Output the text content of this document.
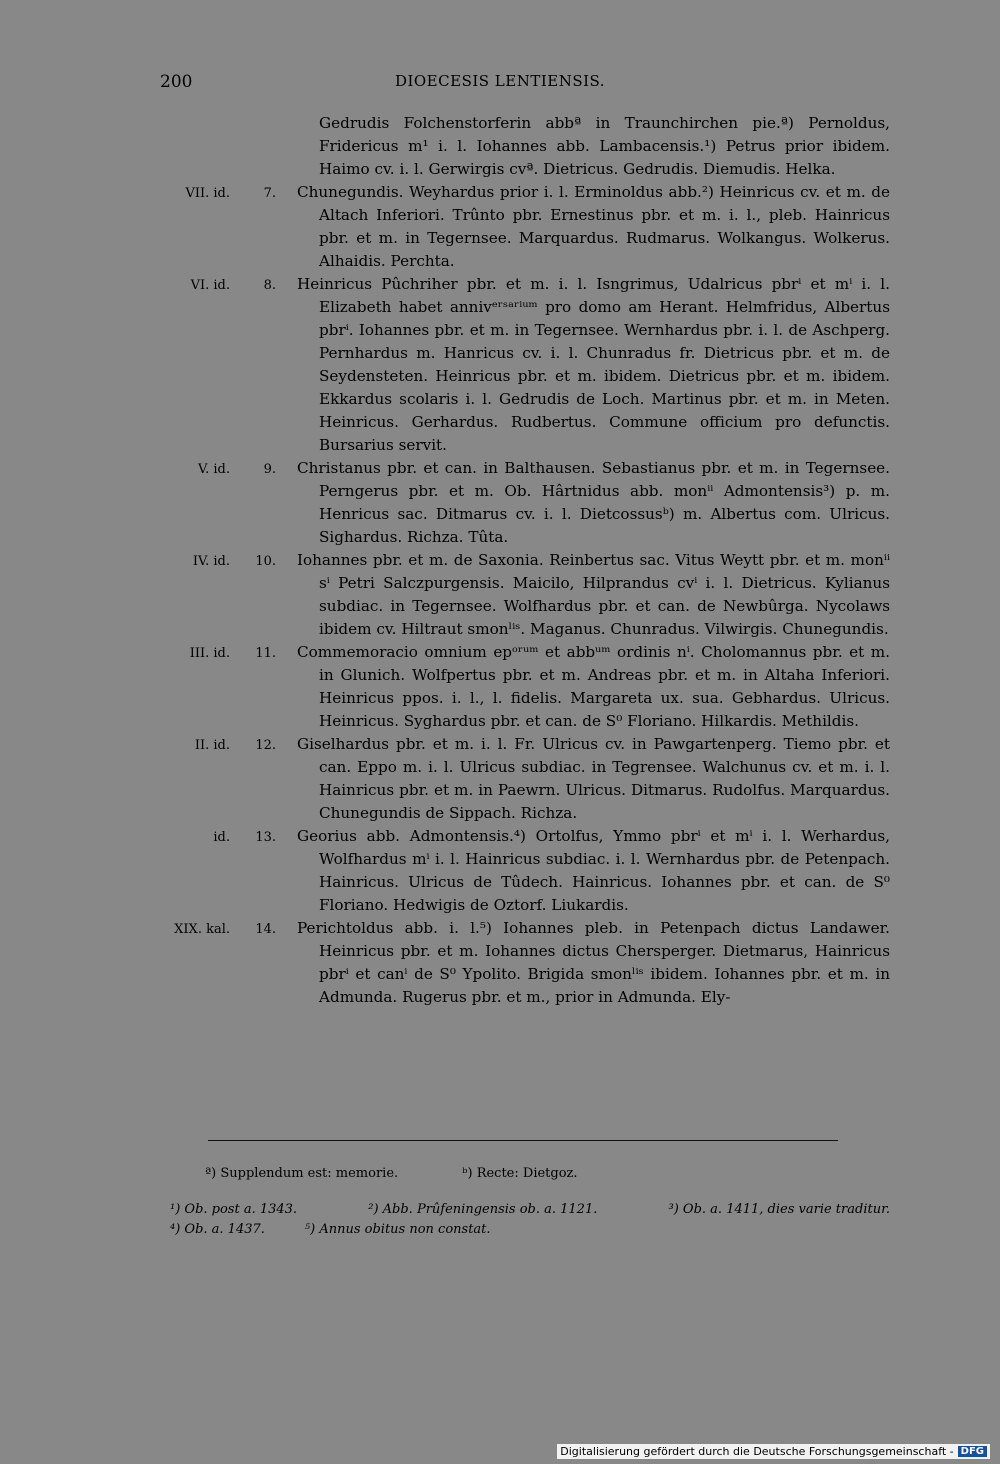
200	DIOECESIS LENTIENSIS.

Gedrudis Folchenstorferin abbª in Traunchirchen pie.ª) Pernoldus, Fridericus m¹ i. l. Iohannes abb. Lambacensis.¹) Petrus prior ibidem. Haimo cv. i. l. Gerwirgis cvª. Dietricus. Gedrudis. Diemudis. Helka.

VII. id.	7. Chunegundis. Weyhardus prior i. l. Erminoldus abb.²) Heinricus cv. et m. de Altach Inferiori. Trûnto pbr. Ernestinus pbr. et m. i. l., pleb. Hainricus pbr. et m. in Tegernsee. Marquardus. Rudmarus. Wolkangus. Wolkerus. Alhaidis. Perchta.

VI. id.	8. Heinricus Pûchriher pbr. et m. i. l. Isngrimus, Udalricus pbrⁱ et mⁱ i. l. Elizabeth habet annivᵉʳˢᵃʳⁱᵘᵐ pro domo am Herant. Helmfridus, Albertus pbrⁱ. Iohannes pbr. et m. in Tegernsee. Wernhardus pbr. i. l. de Aschperg. Pernhardus m. Hanricus cv. i. l. Chunradus fr. Dietricus pbr. et m. de Seydensteten. Heinricus pbr. et m. ibidem. Dietricus pbr. et m. ibidem. Ekkardus scolaris i. l. Gedrudis de Loch. Martinus pbr. et m. in Meten. Heinricus. Gerhardus. Rudbertus. Commune officium pro defunctis. Bursarius servit.

V. id.	9. Christanus pbr. et can. in Balthausen. Sebastianus pbr. et m. in Tegernsee. Perngerus pbr. et m. Ob. Hârtnidus abb. monⁱⁱ Admontensis³) p. m. Henricus sac. Ditmarus cv. i. l. Dietcossusᵇ) m. Albertus com. Ulricus. Sighardus. Richza. Tûta.

IV. id.	10. Iohannes pbr. et m. de Saxonia. Reinbertus sac. Vitus Weytt pbr. et m. monⁱⁱ sⁱ Petri Salczpurgensis. Maicilo, Hilprandus cvⁱ i. l. Dietricus. Kylianus subdiac. in Tegernsee. Wolfhardus pbr. et can. de Newbûrga. Nycolaws ibidem cv. Hiltraut smonˡⁱˢ. Maganus. Chunradus. Vilwirgis. Chunegundis.

III. id.	11. Commemoracio omnium epᵒʳᵘᵐ et abbᵘᵐ ordinis nⁱ. Cholomannus pbr. et m. in Glunich. Wolfpertus pbr. et m. Andreas pbr. et m. in Altaha Inferiori. Heinricus ppos. i. l., l. fidelis. Margareta ux. sua. Gebhardus. Ulricus. Heinricus. Syghardus pbr. et can. de S⁰ Floriano. Hilkardis. Methildis.

II. id.	12. Giselhardus pbr. et m. i. l. Fr. Ulricus cv. in Pawgartenperg. Tiemo pbr. et can. Eppo m. i. l. Ulricus subdiac. in Tegrensee. Walchunus cv. et m. i. l. Hainricus pbr. et m. in Paewrn. Ulricus. Ditmarus. Rudolfus. Marquardus. Chunegundis de Sippach. Richza.

id.	13. Georius abb. Admontensis.⁴) Ortolfus, Ymmo pbrⁱ et mⁱ i. l. Werhardus, Wolfhardus mⁱ i. l. Hainricus subdiac. i. l. Wernhardus pbr. de Petenpach. Hainricus. Ulricus de Tûdech. Hainricus. Iohannes pbr. et can. de S⁰ Floriano. Hedwigis de Oztorf. Liukardis.

XIX. kal.	14. Perichtoldus abb. i. l.⁵) Iohannes pleb. in Petenpach dictus Landawer. Heinricus pbr. et m. Iohannes dictus Chersperger. Dietmarus, Hainricus pbrⁱ et canⁱ de S⁰ Ypolito. Brigida smonˡⁱˢ ibidem. Iohannes pbr. et m. in Admunda. Rugerus pbr. et m., prior in Admunda. Ely-

ª) Supplendum est: memorie.	ᵇ) Recte: Dietgoz.
¹) Ob. post a. 1343.	²) Abb. Prûfeningensis ob. a. 1121.	³) Ob. a. 1411, dies varie traditur.
⁴) Ob. a. 1437.	⁵) Annus obitus non constat.
Digitalisierung gefördert durch die Deutsche Forschungsgemeinschaft - DFG
